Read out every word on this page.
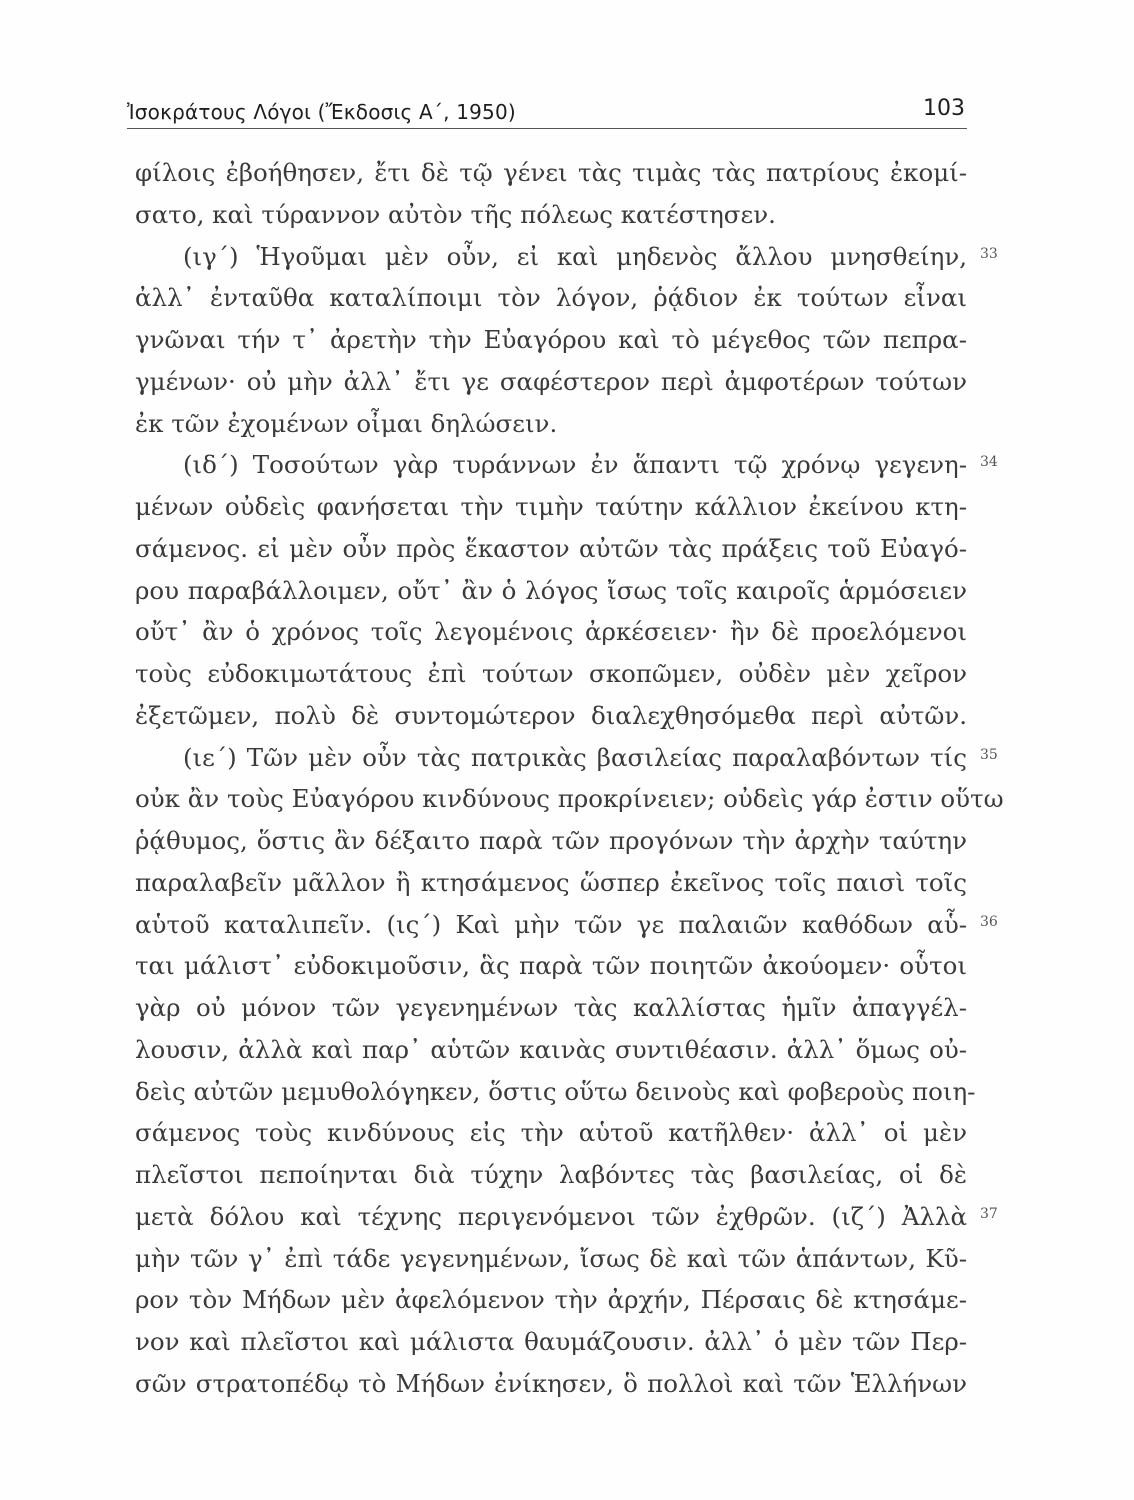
Ἰσοκράτους Λόγοι (Ἔκδοσις Α΄, 1950)	103
φίλοις ἐβοήθησεν, ἔτι δὲ τῷ γένει τὰς τιμὰς τὰς πατρίους ἐκομί-
σατο, καὶ τύραννον αὐτὸν τῆς πόλεως κατέστησεν.
(ιγ΄) Ἡγοῦμαι μὲν οὖν, εἰ καὶ μηδενὸς ἄλλου μνησθείην,
ἀλλ᾽ ἐνταῦθα καταλίποιμι τὸν λόγον, ῥᾴδιον ἐκ τούτων εἶναι
γνῶναι τήν τ᾽ ἀρετὴν τὴν Εὐαγόρου καὶ τὸ μέγεθος τῶν πεπρα-
γμένων· οὐ μὴν ἀλλ᾽ ἔτι γε σαφέστερον περὶ ἀμφοτέρων τούτων
ἐκ τῶν ἐχομένων οἶμαι δηλώσειν.
(ιδ΄) Τοσούτων γὰρ τυράννων ἐν ἅπαντι τῷ χρόνῳ γεγενη-
μένων οὐδεὶς φανήσεται τὴν τιμὴν ταύτην κάλλιον ἐκείνου κτη-
σάμενος. εἰ μὲν οὖν πρὸς ἕκαστον αὐτῶν τὰς πράξεις τοῦ Εὐαγό-
ρου παραβάλλοιμεν, οὔτ᾽ ἂν ὁ λόγος ἴσως τοῖς καιροῖς ἁρμόσειεν
οὔτ᾽ ἂν ὁ χρόνος τοῖς λεγομένοις ἀρκέσειεν· ἢν δὲ προελόμενοι
τοὺς εὐδοκιμωτάτους ἐπὶ τούτων σκοπῶμεν, οὐδὲν μὲν χεῖρον
ἐξετῶμεν, πολὺ δὲ συντομώτερον διαλεχθησόμεθα περὶ αὐτῶν.
(ιε΄) Τῶν μὲν οὖν τὰς πατρικὰς βασιλείας παραλαβόντων τίς
οὐκ ἂν τοὺς Εὐαγόρου κινδύνους προκρίνειεν; οὐδεὶς γάρ ἐστιν οὕτω
ῥᾴθυμος, ὅστις ἂν δέξαιτο παρὰ τῶν προγόνων τὴν ἀρχὴν ταύτην
παραλαβεῖν μᾶλλον ἢ κτησάμενος ὥσπερ ἐκεῖνος τοῖς παισὶ τοῖς
αὑτοῦ καταλιπεῖν. (ις΄) Καὶ μὴν τῶν γε παλαιῶν καθόδων αὗ-
ται μάλιστ᾽ εὐδοκιμοῦσιν, ἃς παρὰ τῶν ποιητῶν ἀκούομεν· οὗτοι
γὰρ οὐ μόνον τῶν γεγενημένων τὰς καλλίστας ἡμῖν ἀπαγγέλ-
λουσιν, ἀλλὰ καὶ παρ᾽ αὑτῶν καινὰς συντιθέασιν. ἀλλ᾽ ὅμως οὐ-
δεὶς αὐτῶν μεμυθολόγηκεν, ὅστις οὕτω δεινοὺς καὶ φοβεροὺς ποιη-
σάμενος τοὺς κινδύνους εἰς τὴν αὑτοῦ κατῆλθεν· ἀλλ᾽ οἱ μὲν
πλεῖστοι πεποίηνται διὰ τύχην λαβόντες τὰς βασιλείας, οἱ δὲ
μετὰ δόλου καὶ τέχνης περιγενόμενοι τῶν ἐχθρῶν. (ιζ΄) Ἀλλὰ
μὴν τῶν γ᾽ ἐπὶ τάδε γεγενημένων, ἴσως δὲ καὶ τῶν ἁπάντων, Κῦ-
ρον τὸν Μήδων μὲν ἀφελόμενον τὴν ἀρχήν, Πέρσαις δὲ κτησάμε-
νον καὶ πλεῖστοι καὶ μάλιστα θαυμάζουσιν. ἀλλ᾽ ὁ μὲν τῶν Περ-
σῶν στρατοπέδῳ τὸ Μήδων ἐνίκησεν, ὃ πολλοὶ καὶ τῶν Ἑλλήνων
33
34
35
36
37
